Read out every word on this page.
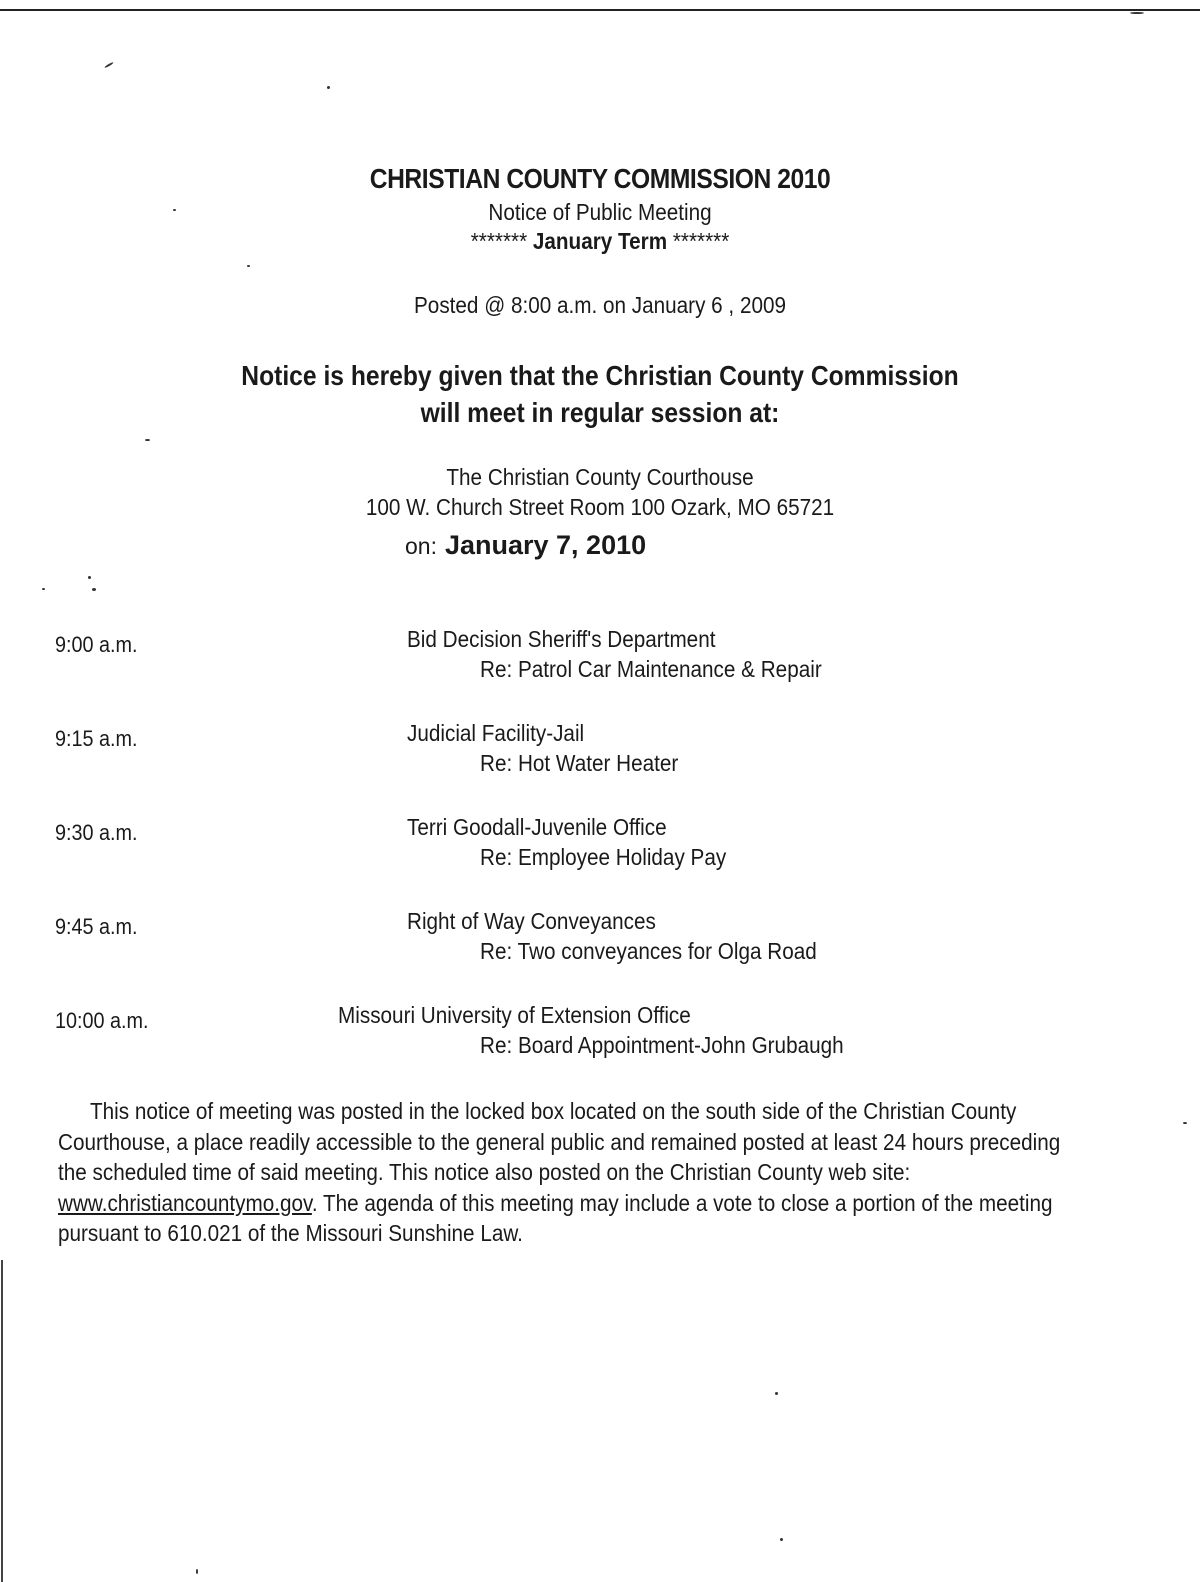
CHRISTIAN COUNTY COMMISSION 2010
Notice of Public Meeting
******* January Term *******
Posted @ 8:00 a.m. on January 6 , 2009
Notice is hereby given that the Christian County Commission
will meet in regular session at:
The Christian County Courthouse
100 W. Church Street Room 100 Ozark, MO 65721
on: January 7, 2010
9:00 a.m.	Bid Decision Sheriff's Department
Re: Patrol Car Maintenance & Repair
9:15 a.m.	Judicial Facility-Jail
Re: Hot Water Heater
9:30 a.m.	Terri Goodall-Juvenile Office
Re: Employee Holiday Pay
9:45 a.m.	Right of Way Conveyances
Re: Two conveyances for Olga Road
10:00 a.m.	Missouri University of Extension Office
Re: Board Appointment-John Grubaugh
This notice of meeting was posted in the locked box located on the south side of the Christian County
Courthouse, a place readily accessible to the general public and remained posted at least 24 hours preceding
the scheduled time of said meeting. This notice also posted on the Christian County web site:
www.christiancountymo.gov. The agenda of this meeting may include a vote to close a portion of the meeting
pursuant to 610.021 of the Missouri Sunshine Law.
